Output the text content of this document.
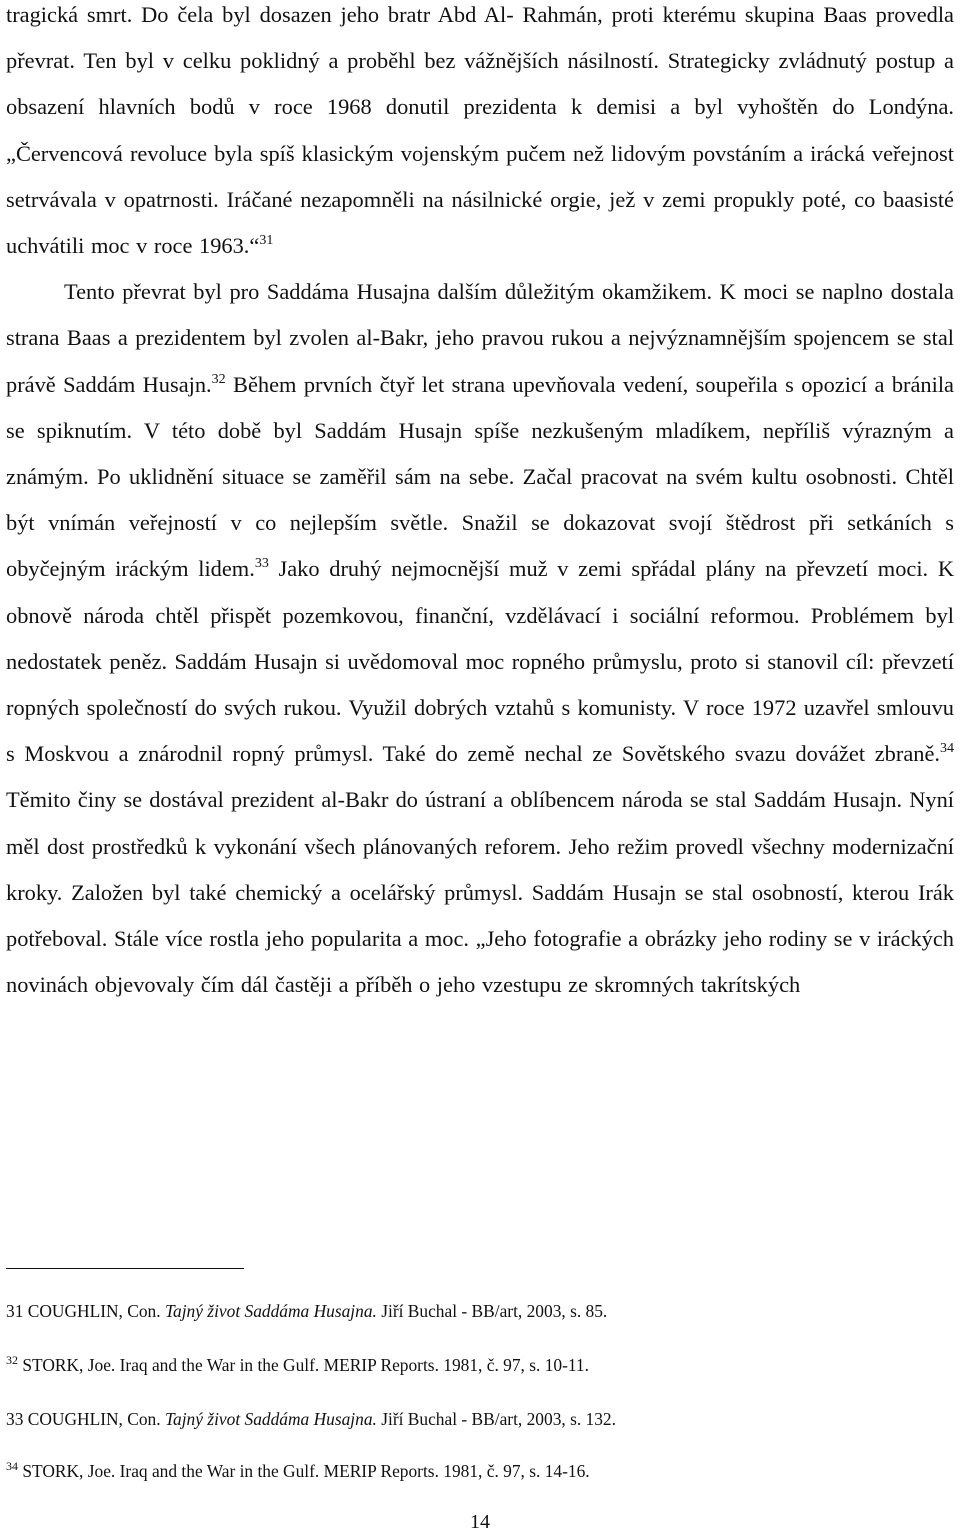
tragická smrt. Do čela byl dosazen jeho bratr Abd Al- Rahmán, proti kterému skupina Baas provedla převrat. Ten byl v celku poklidný a proběhl bez vážnějších násilností. Strategicky zvládnutý postup a obsazení hlavních bodů v roce 1968 donutil prezidenta k demisi a byl vyhoštěn do Londýna. „Červencová revoluce byla spíš klasickým vojenským pučem než lidovým povstáním a irácká veřejnost setrvávala v opatrnosti. Iráčané nezapomněli na násilnické orgie, jež v zemi propukly poté, co baasisté uchvátili moc v roce 1963.“$^{31}$

Tento převrat byl pro Saddáma Husajna dalším důležitým okamžikem. K moci se naplno dostala strana Baas a prezidentem byl zvolen al-Bakr, jeho pravou rukou a nejvýznamnějším spojencem se stal právě Saddám Husajn.$^{32}$ Během prvních čtyř let strana upevňovala vedení, soupeřila s opozicí a bránila se spiknutím. V této době byl Saddám Husajn spíše nezkušeným mladíkem, nepříliš výrazným a známým. Po uklidnění situace se zaměřil sám na sebe. Začal pracovat na svém kultu osobnosti. Chtěl být vnímán veřejností v co nejlepším světle. Snažil se dokazovat svojí štědrost při setkáních s obyčejným iráckým lidem.$^{33}$ Jako druhý nejmocnější muž v zemi spřádal plány na převzetí moci. K obnově národa chtěl přispět pozemkovou, finanční, vzdělávací i sociální reformou. Problémem byl nedostatek peněz. Saddám Husajn si uvědomoval moc ropného průmyslu, proto si stanovil cíl: převzetí ropných společností do svých rukou. Využil dobrých vztahů s komunisty. V roce 1972 uzavřel smlouvu s Moskvou a znárodnil ropný průmysl. Také do země nechal ze Sovětského svazu dovážet zbraně.$^{34}$ Těmito činy se dostával prezident al-Bakr do ústraní a oblíbencem národa se stal Saddám Husajn. Nyní měl dost prostředků k vykonání všech plánovaných reforem. Jeho režim provedl všechny modernizační kroky. Založen byl také chemický a ocelářský průmysl. Saddám Husajn se stal osobností, kterou Irák potřeboval. Stále více rostla jeho popularita a moc. „Jeho fotografie a obrázky jeho rodiny se v iráckých novinách objevovaly čím dál častěji a příběh o jeho vzestupu ze skromných takrítských

31 COUGHLIN, Con. Tajný život Saddáma Husajna. Jiří Buchal - BB/art, 2003, s. 85.
$^{32}$ STORK, Joe. Iraq and the War in the Gulf. MERIP Reports. 1981, č. 97, s. 10-11.
33 COUGHLIN, Con. Tajný život Saddáma Husajna. Jiří Buchal - BB/art, 2003, s. 132.
$^{34}$ STORK, Joe. Iraq and the War in the Gulf. MERIP Reports. 1981, č. 97, s. 14-16.
14
